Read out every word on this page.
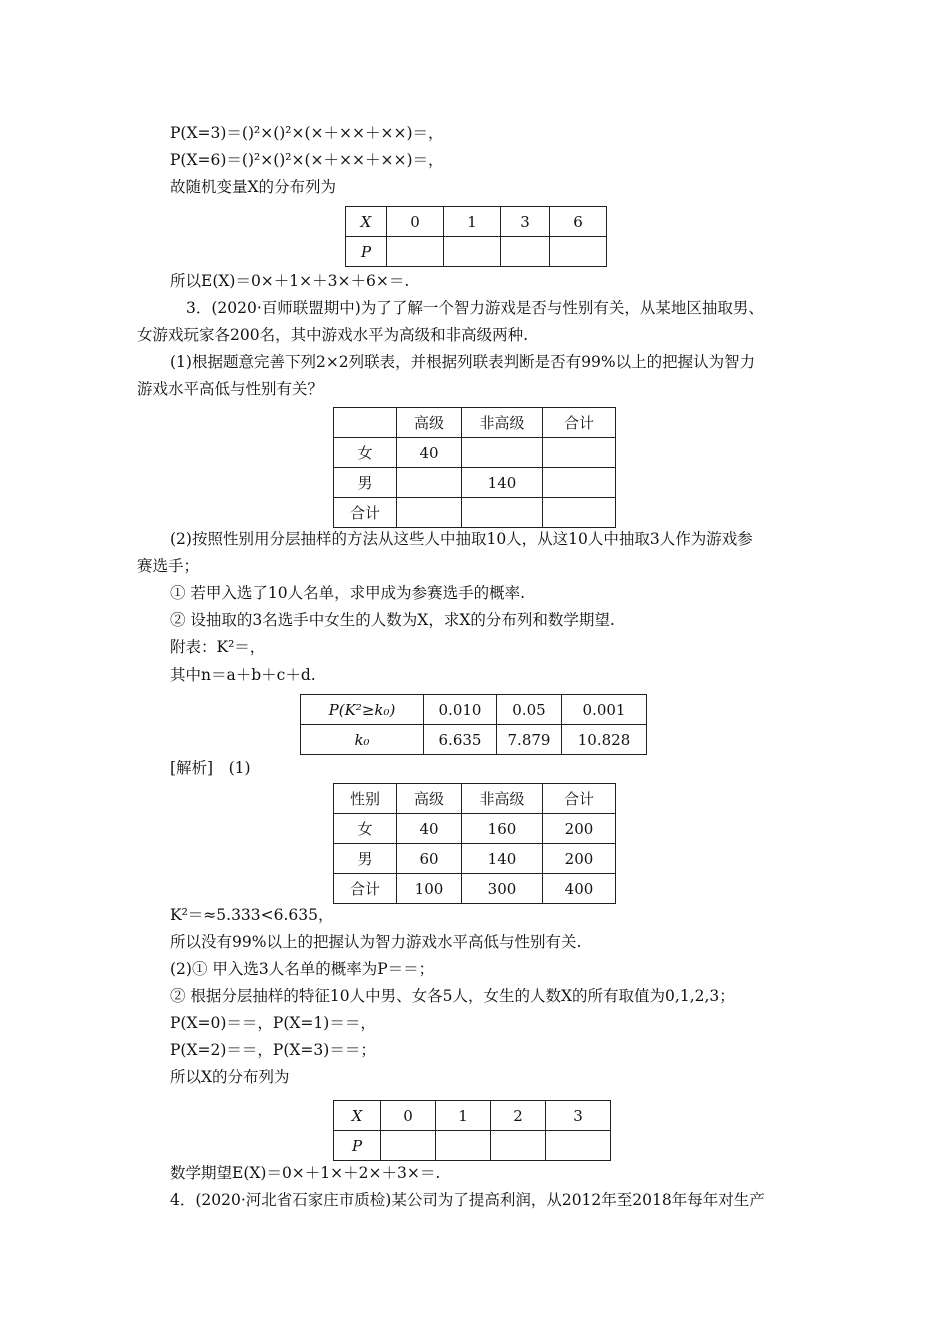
P(X=3)＝()²×()²×(×＋××＋××)＝，
P(X=6)＝()²×()²×(×＋××＋××)＝，
故随机变量X的分布列为
X	0	1	3	6
P				
所以E(X)＝0×＋1×＋3×＋6×＝.
3．(2020·百师联盟期中)为了了解一个智力游戏是否与性别有关，从某地区抽取男、
女游戏玩家各200名，其中游戏水平为高级和非高级两种.
(1)根据题意完善下列2×2列联表，并根据列联表判断是否有99%以上的把握认为智力
游戏水平高低与性别有关？
	高级	非高级	合计
女	40		
男		140	
合计			
(2)按照性别用分层抽样的方法从这些人中抽取10人，从这10人中抽取3人作为游戏参
赛选手；
① 若甲入选了10人名单，求甲成为参赛选手的概率.
② 设抽取的3名选手中女生的人数为X，求X的分布列和数学期望.
附表：K²＝，
其中n＝a＋b＋c＋d.
P(K²≥k₀)	0.010	0.05	0.001
k₀	6.635	7.879	10.828
[解析]　(1)
性别	高级	非高级	合计
女	40	160	200
男	60	140	200
合计	100	300	400
K²＝≈5.333<6.635，
所以没有99%以上的把握认为智力游戏水平高低与性别有关.
(2)① 甲入选3人名单的概率为P＝＝；
② 根据分层抽样的特征10人中男、女各5人，女生的人数X的所有取值为0,1,2,3；
P(X=0)＝＝，P(X=1)＝＝，
P(X=2)＝＝，P(X=3)＝＝；
所以X的分布列为
X	0	1	2	3
P				
数学期望E(X)＝0×＋1×＋2×＋3×＝.
4．(2020·河北省石家庄市质检)某公司为了提高利润，从2012年至2018年每年对生产
